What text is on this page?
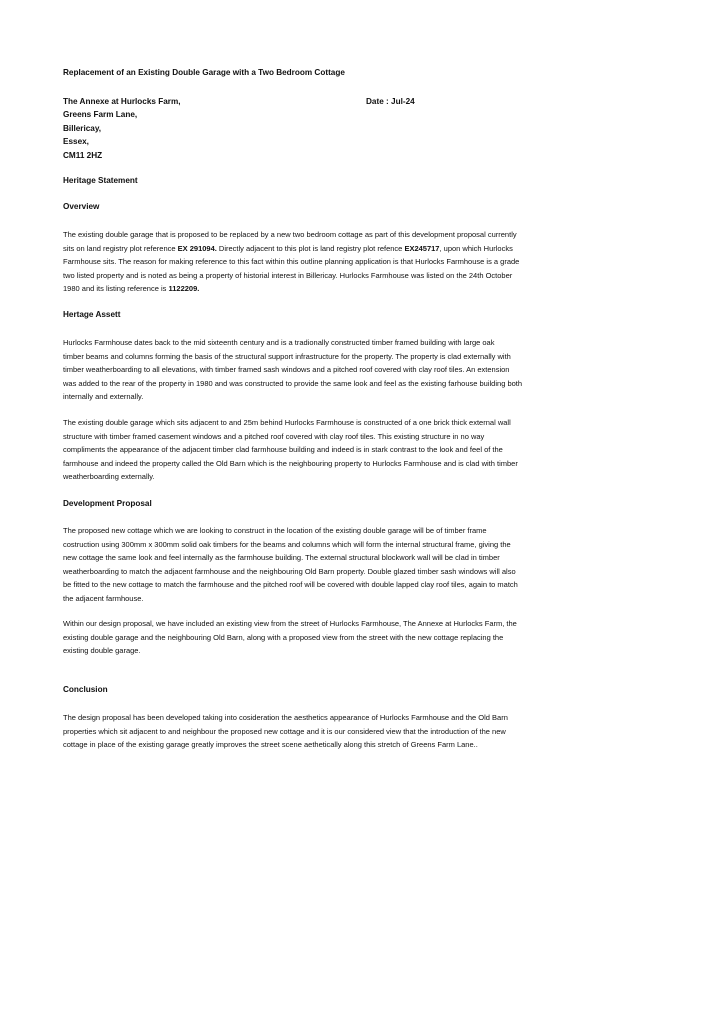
Replacement of an Existing Double Garage with a Two Bedroom Cottage
The Annexe at Hurlocks Farm,
Greens Farm Lane,
Billericay,
Essex,
CM11 2HZ
Date : Jul-24
Heritage Statement
Overview
The existing double garage that is proposed to be replaced by a new two bedroom cottage as part of this development proposal currently
sits on land registry plot reference EX 291094. Directly adjacent to this plot is land registry plot refence EX245717, upon which Hurlocks
Farmhouse sits. The reason for making reference to this fact within this outline planning application is that Hurlocks Farmhouse is a grade
two listed property and is noted as being a property of historial interest in Billericay. Hurlocks Farmhouse was listed on the 24th October
1980 and its listing reference is 1122209.
Hertage Assett
Hurlocks Farmhouse dates back to the mid sixteenth century and is a tradionally constructed timber framed building with large oak
timber beams and columns forming the basis of the structural support infrastructure for the property. The property is clad externally with
timber weatherboarding to all elevations, with timber framed sash windows and a pitched roof covered with clay roof tiles. An extension
was added to the rear of the property in 1980 and was constructed to provide the same look and feel as the existing farhouse building both
internally and externally.
The existing double garage which sits adjacent to and 25m behind Hurlocks Farmhouse is constructed of a one brick thick external wall
structure with timber framed casement windows and a pitched roof covered with clay roof tiles. This existing structure in no way
compliments the appearance of the adjacent timber clad farmhouse building and indeed is in stark contrast to the look and feel of the
farmhouse and indeed the property called the Old Barn which is the neighbouring property to Hurlocks Farmhouse and is clad with timber
weatherboarding externally.
Development Proposal
The proposed new cottage which we are looking to construct in the location of the existing double garage will be of timber frame
costruction using 300mm x 300mm solid oak timbers for the beams and columns which will form the internal structural frame, giving the
new cottage the same look and feel internally as the farmhouse building. The external structural blockwork wall will be clad in timber
weatherboarding to match the adjacent farmhouse and the neighbouring Old Barn property. Double glazed timber sash windows will also
be fitted to the new cottage to match the farmhouse and the pitched roof will be covered with double lapped clay roof tiles, again to match
the adjacent farmhouse.
Within our design proposal, we have included an existing view from the street of Hurlocks Farmhouse, The Annexe at Hurlocks Farm, the
existing double garage and the neighbouring Old Barn, along with a proposed view from the street with the new cottage replacing the
existing double garage.
Conclusion
The design proposal has been developed taking into cosideration the aesthetics appearance of Hurlocks Farmhouse and the Old Barn
properties which sit adjacent to and neighbour the proposed new cottage and it is our considered view that the introduction of the new
cottage in place of the existing garage greatly improves the street scene aethetically along this stretch of Greens Farm Lane..
